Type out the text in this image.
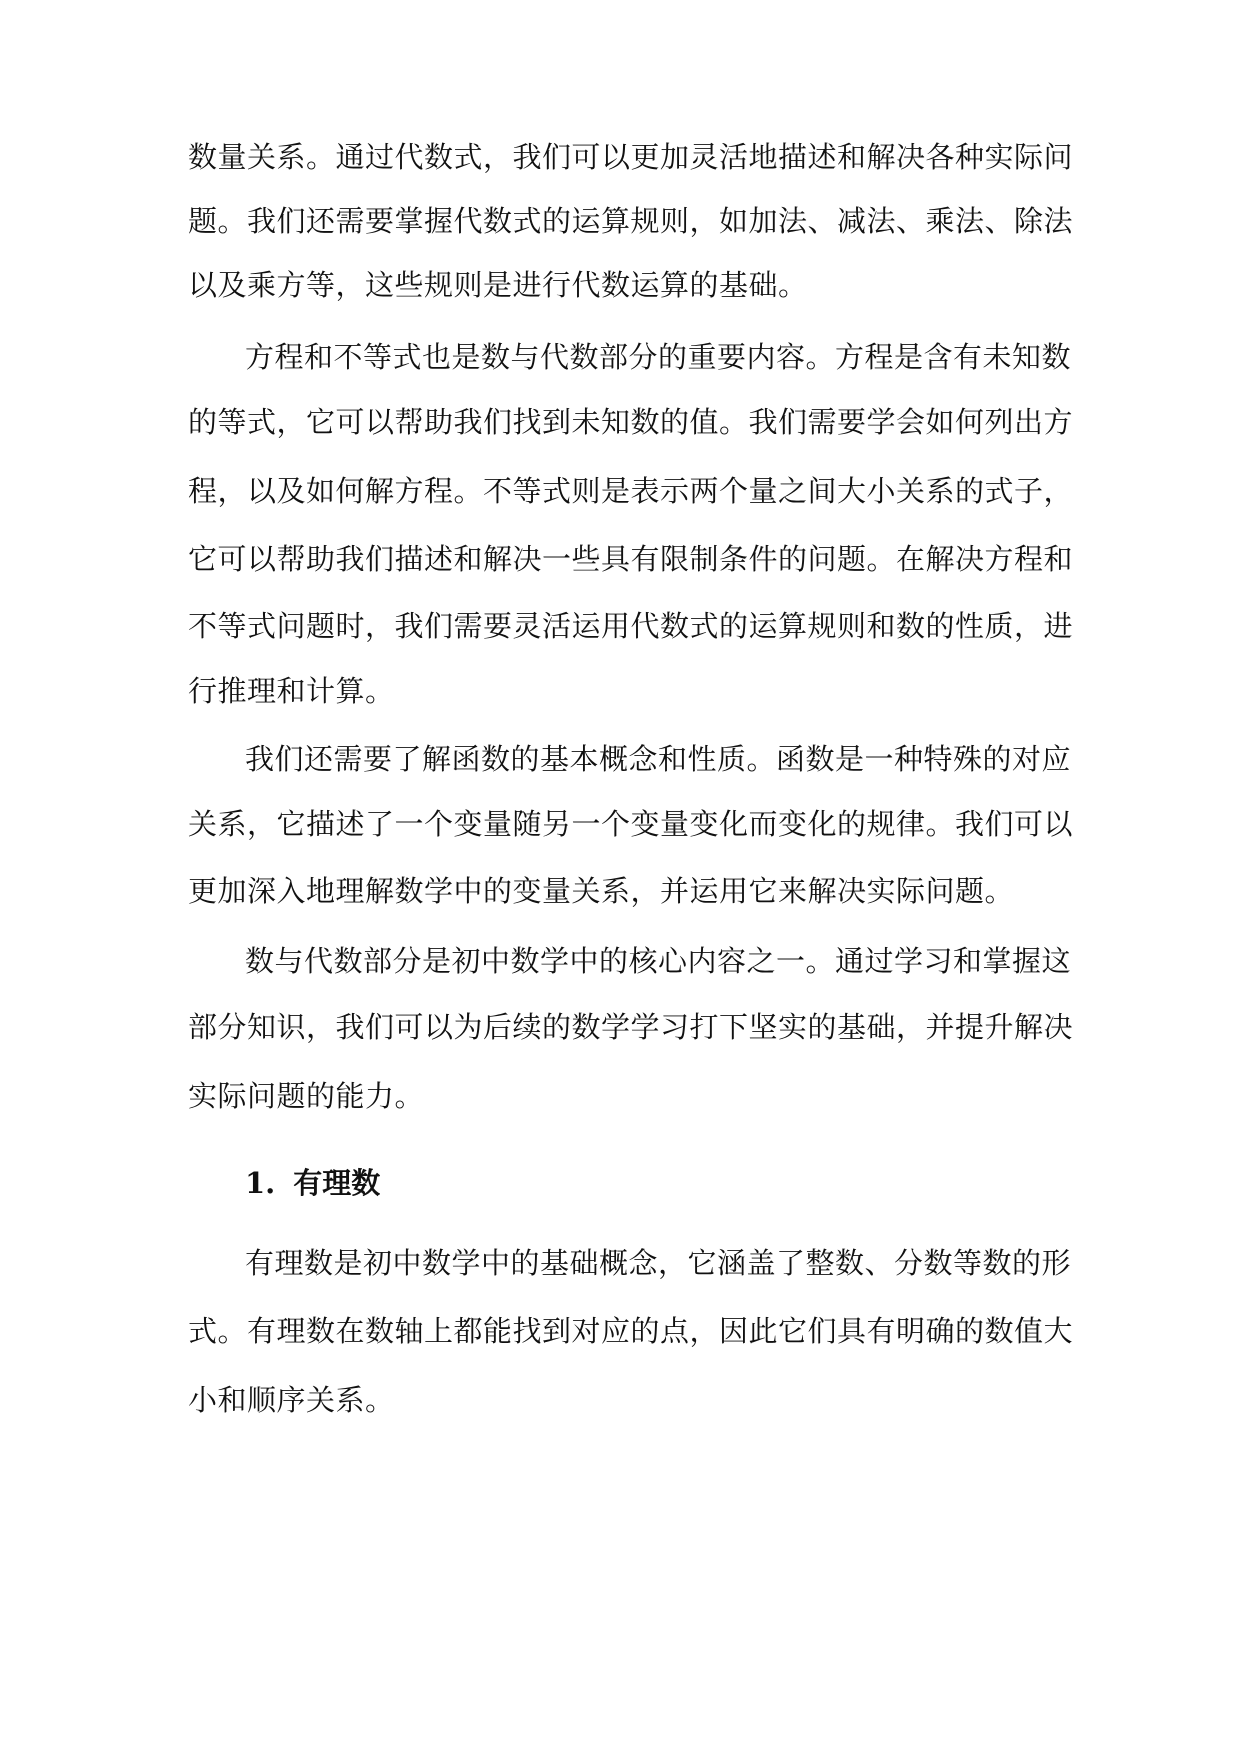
数量关系。通过代数式，我们可以更加灵活地描述和解决各种实际问
题。我们还需要掌握代数式的运算规则，如加法、减法、乘法、除法
以及乘方等，这些规则是进行代数运算的基础。
方程和不等式也是数与代数部分的重要内容。方程是含有未知数
的等式，它可以帮助我们找到未知数的值。我们需要学会如何列出方
程，以及如何解方程。不等式则是表示两个量之间大小关系的式子，
它可以帮助我们描述和解决一些具有限制条件的问题。在解决方程和
不等式问题时，我们需要灵活运用代数式的运算规则和数的性质，进
行推理和计算。
我们还需要了解函数的基本概念和性质。函数是一种特殊的对应
关系，它描述了一个变量随另一个变量变化而变化的规律。我们可以
更加深入地理解数学中的变量关系，并运用它来解决实际问题。
数与代数部分是初中数学中的核心内容之一。通过学习和掌握这
部分知识，我们可以为后续的数学学习打下坚实的基础，并提升解决
实际问题的能力。
1. 有理数
有理数是初中数学中的基础概念，它涵盖了整数、分数等数的形
式。有理数在数轴上都能找到对应的点，因此它们具有明确的数值大
小和顺序关系。
